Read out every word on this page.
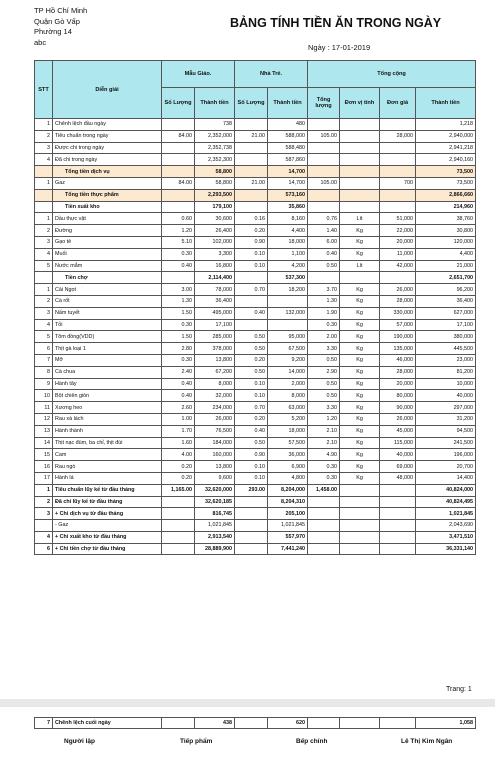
TP Hồ Chí Minh
Quận Gò Vấp
Phường 14
abc
BẢNG TÍNH TIỀN ĂN TRONG NGÀY
Ngày : 17-01-2019
STT	Diễn giải	Mẫu Giáo.		Nhà Trẻ.		Tổng cộng			
		Số Lượng	Thành tiền	Số Lượng	Thành tiền	Tổng lượng	Đơn vị tính	Đơn giá	Thành tiền
1	Chênh lệch đầu ngày		738		480				1,218
2	Tiêu chuẩn trong ngày	84.00	2,352,000	21.00	588,000	105.00		28,000	2,940,000
3	Được chi trong ngày		2,352,738		588,480				2,941,218
4	Đã chi trong ngày		2,352,300		587,860				2,940,160
	Tổng tiền dịch vụ		58,800		14,700				73,500
1	Gaz	84.00	58,800	21.00	14,700	105.00		700	73,500
	Tổng tiền thực phẩm		2,293,500		573,160				2,866,660
	Tiền xuất kho		179,100		35,860				214,960
1	Dầu thực vật	0.60	30,600	0.16	8,160	0.76	Lít	51,000	38,760
2	Đường	1.20	26,400	0.20	4,400	1.40	Kg	22,000	30,800
3	Gạo tẻ	5.10	102,000	0.90	18,000	6.00	Kg	20,000	120,000
4	Muối	0.30	3,300	0.10	1,100	0.40	Kg	11,000	4,400
5	Nước mắm	0.40	16,800	0.10	4,200	0.50	Lít	42,000	21,000
	Tiền chợ		2,114,400		537,300				2,651,700
1	Cải Ngọt	3.00	78,000	0.70	18,200	3.70	Kg	26,000	96,200
2	Cà rốt	1.30	36,400			1.30	Kg	28,000	36,400
3	Nấm tuyết	1.50	495,000	0.40	132,000	1.90	Kg	330,000	627,000
4	Tỏi	0.30	17,100			0.30	Kg	57,000	17,100
5	Tôm đồng(VDD)	1.50	285,000	0.50	95,000	2.00	Kg	190,000	380,000
6	Thịt gà loại 1	2.80	378,000	0.50	67,500	3.30	Kg	135,000	445,500
7	Mỡ	0.30	13,800	0.20	9,200	0.50	Kg	46,000	23,000
8	Cà chua	2.40	67,200	0.50	14,000	2.90	Kg	28,000	81,200
9	Hành tây	0.40	8,000	0.10	2,000	0.50	Kg	20,000	10,000
10	Bột chiên giòn	0.40	32,000	0.10	8,000	0.50	Kg	80,000	40,000
11	Xương heo	2.60	234,000	0.70	63,000	3.30	Kg	90,000	297,000
12	Rau xà lách	1.00	26,000	0.20	5,200	1.20	Kg	26,000	31,200
13	Hành thành	1.70	76,500	0.40	18,000	2.10	Kg	45,000	94,500
14	Thịt nạc đùm, ba chỉ, thịt đùi	1.60	184,000	0.50	57,500	2.10	Kg	115,000	241,500
15	Cam	4.00	160,000	0.90	36,000	4.90	Kg	40,000	196,000
16	Rau ngò	0.20	13,800	0.10	6,900	0.30	Kg	69,000	20,700
17	Hành lá	0.20	9,600	0.10	4,800	0.30	Kg	48,000	14,400
1	Tiêu chuẩn lũy kế từ đầu tháng	1,165.00	32,620,000	293.00	8,204,000	1,458.00			40,824,000
2	Đã chi lũy kế từ đầu tháng		32,620,185		8,204,310				40,824,495
3	+ Chi dịch vụ từ đầu tháng		816,745		205,100				1,021,845
	- Gaz		1,021,845		1,021,845				2,043,690
4	+ Chi xuất kho từ đầu tháng		2,913,540		557,970				3,471,510
6	+ Chi tiền chợ từ đầu tháng		28,889,900		7,441,240				36,331,140
Trang: 1
7	Chênh lệch cuối ngày		438		620				1,058
Người lập	Tiếp phẩm	Bếp chính	Lê Thị Kim Ngân
